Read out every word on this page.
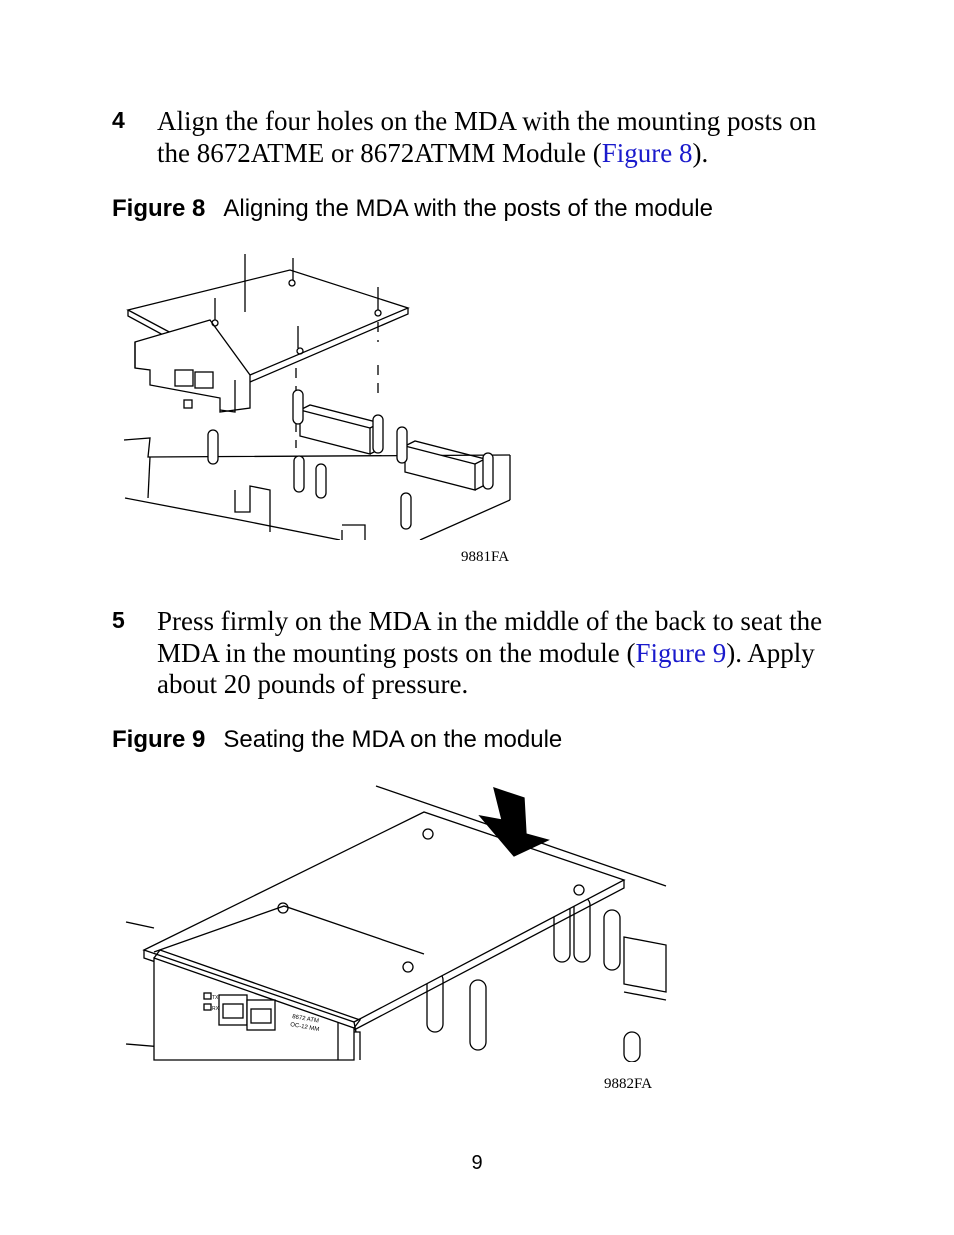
4 Align the four holes on the MDA with the mounting posts on the 8672ATME or 8672ATMM Module (Figure 8).
Figure 8 Aligning the MDA with the posts of the module
9881FA
5 Press firmly on the MDA in the middle of the back to seat the MDA in the mounting posts on the module (Figure 9). Apply about 20 pounds of pressure.
Figure 9 Seating the MDA on the module
TX
RX
8672 ATM
OC-12 MM
9882FA
9
